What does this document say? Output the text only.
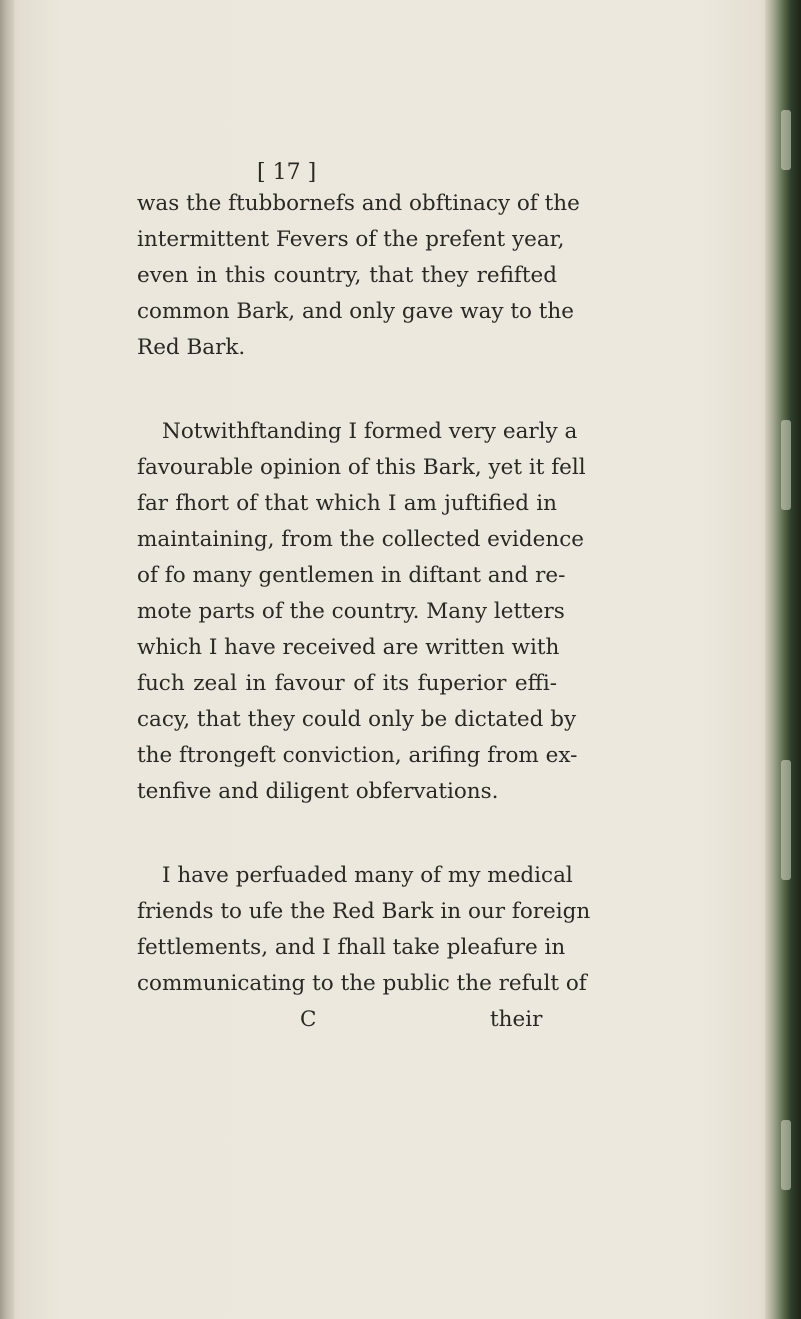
[ 17 ]
was the ftubbornefs and obftinacy of the
intermittent Fevers of the prefent year,
even in this country, that they refifted
common Bark, and only gave way to the
Red Bark.
Notwithftanding I formed very early a
favourable opinion of this Bark, yet it fell
far fhort of that which I am juftified in
maintaining, from the collected evidence
of fo many gentlemen in diftant and re-
mote parts of the country. Many letters
which I have received are written with
fuch zeal in favour of its fuperior effi-
cacy, that they could only be dictated by
the ftrongeft conviction, arifing from ex-
tenfive and diligent obfervations.
I have perfuaded many of my medical
friends to ufe the Red Bark in our foreign
fettlements, and I fhall take pleafure in
communicating to the public the refult of
C	their
